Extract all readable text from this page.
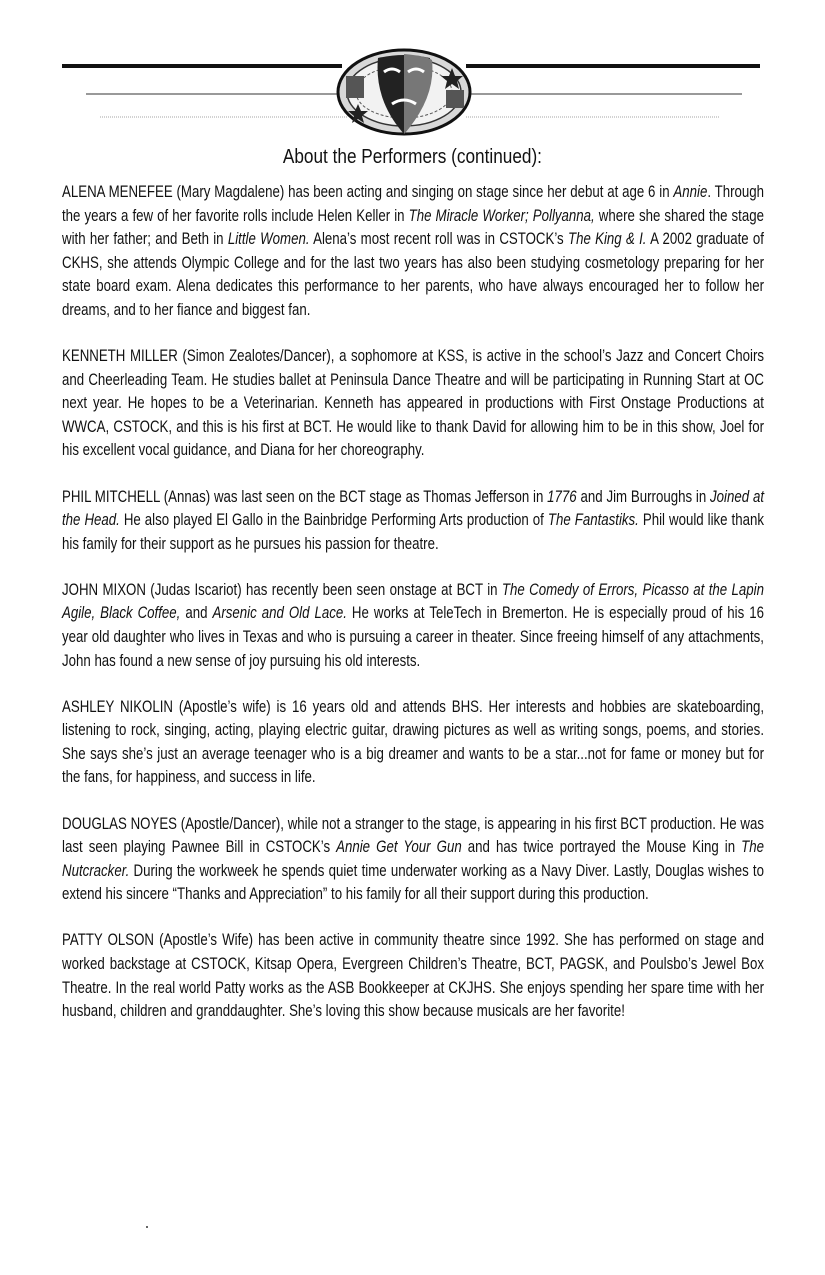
About the Performers (continued):

ALENA MENEFEE (Mary Magdalene) has been acting and singing on stage since her debut at age 6 in Annie. Through the years a few of her favorite rolls include Helen Keller in The Miracle Worker; Pollyanna, where she shared the stage with her father; and Beth in Little Women. Alena’s most recent roll was in CSTOCK’s The King & I. A 2002 graduate of CKHS, she attends Olympic College and for the last two years has also been studying cosmetology preparing for her state board exam. Alena dedicates this performance to her parents, who have always encouraged her to follow her dreams, and to her fiance and biggest fan.

KENNETH MILLER (Simon Zealotes/Dancer), a sophomore at KSS, is active in the school’s Jazz and Concert Choirs and Cheerleading Team. He studies ballet at Peninsula Dance Theatre and will be participating in Running Start at OC next year. He hopes to be a Veterinarian. Kenneth has appeared in productions with First Onstage Productions at WWCA, CSTOCK, and this is his first at BCT. He would like to thank David for allowing him to be in this show, Joel for his excellent vocal guidance, and Diana for her choreography.

PHIL MITCHELL (Annas) was last seen on the BCT stage as Thomas Jefferson in 1776 and Jim Burroughs in Joined at the Head. He also played El Gallo in the Bainbridge Performing Arts production of The Fantastiks. Phil would like thank his family for their support as he pursues his passion for theatre.

JOHN MIXON (Judas Iscariot) has recently been seen onstage at BCT in The Comedy of Errors, Picasso at the Lapin Agile, Black Coffee, and Arsenic and Old Lace. He works at TeleTech in Bremerton. He is especially proud of his 16 year old daughter who lives in Texas and who is pursuing a career in theater. Since freeing himself of any attachments, John has found a new sense of joy pursuing his old interests.

ASHLEY NIKOLIN (Apostle’s wife) is 16 years old and attends BHS. Her interests and hobbies are skateboarding, listening to rock, singing, acting, playing electric guitar, drawing pictures as well as writing songs, poems, and stories. She says she’s just an average teenager who is a big dreamer and wants to be a star...not for fame or money but for the fans, for happiness, and success in life.

DOUGLAS NOYES (Apostle/Dancer), while not a stranger to the stage, is appearing in his first BCT production. He was last seen playing Pawnee Bill in CSTOCK’s Annie Get Your Gun and has twice portrayed the Mouse King in The Nutcracker. During the workweek he spends quiet time underwater working as a Navy Diver. Lastly, Douglas wishes to extend his sincere “Thanks and Appreciation” to his family for all their support during this production.

PATTY OLSON (Apostle’s Wife) has been active in community theatre since 1992. She has performed on stage and worked backstage at CSTOCK, Kitsap Opera, Evergreen Children’s Theatre, BCT, PAGSK, and Poulsbo’s Jewel Box Theatre. In the real world Patty works as the ASB Bookkeeper at CKJHS. She enjoys spending her spare time with her husband, children and granddaughter. She’s loving this show because musicals are her favorite!
